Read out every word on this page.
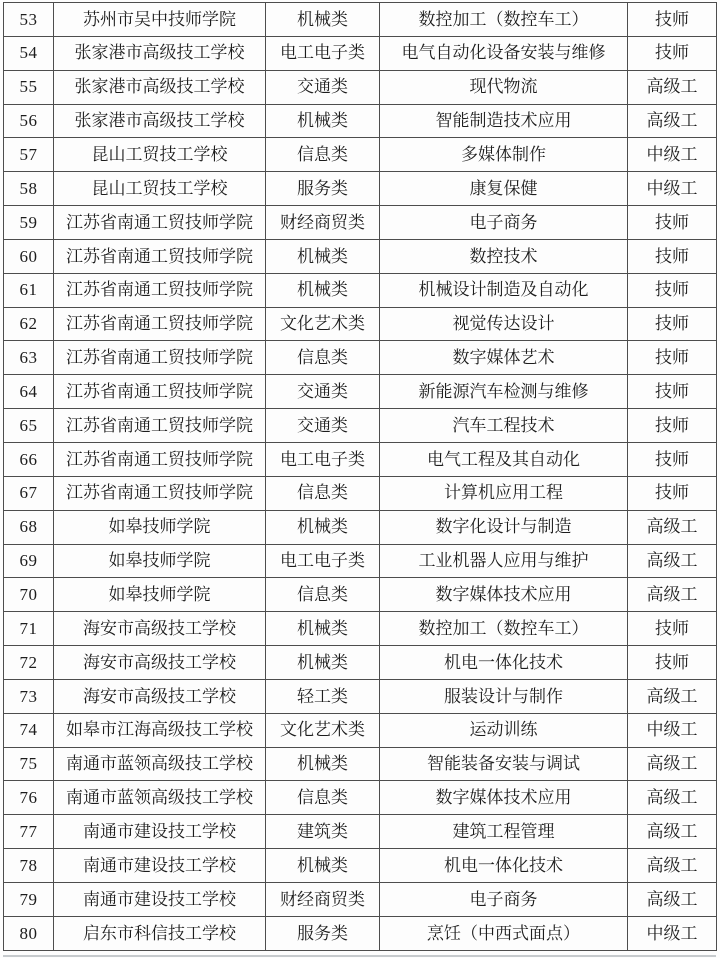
53	苏州市吴中技师学院	机械类	数控加工（数控车工）	技师
54	张家港市高级技工学校	电工电子类	电气自动化设备安装与维修	技师
55	张家港市高级技工学校	交通类	现代物流	高级工
56	张家港市高级技工学校	机械类	智能制造技术应用	高级工
57	昆山工贸技工学校	信息类	多媒体制作	中级工
58	昆山工贸技工学校	服务类	康复保健	中级工
59	江苏省南通工贸技师学院	财经商贸类	电子商务	技师
60	江苏省南通工贸技师学院	机械类	数控技术	技师
61	江苏省南通工贸技师学院	机械类	机械设计制造及自动化	技师
62	江苏省南通工贸技师学院	文化艺术类	视觉传达设计	技师
63	江苏省南通工贸技师学院	信息类	数字媒体艺术	技师
64	江苏省南通工贸技师学院	交通类	新能源汽车检测与维修	技师
65	江苏省南通工贸技师学院	交通类	汽车工程技术	技师
66	江苏省南通工贸技师学院	电工电子类	电气工程及其自动化	技师
67	江苏省南通工贸技师学院	信息类	计算机应用工程	技师
68	如皋技师学院	机械类	数字化设计与制造	高级工
69	如皋技师学院	电工电子类	工业机器人应用与维护	高级工
70	如皋技师学院	信息类	数字媒体技术应用	高级工
71	海安市高级技工学校	机械类	数控加工（数控车工）	技师
72	海安市高级技工学校	机械类	机电一体化技术	技师
73	海安市高级技工学校	轻工类	服装设计与制作	高级工
74	如皋市江海高级技工学校	文化艺术类	运动训练	中级工
75	南通市蓝领高级技工学校	机械类	智能装备安装与调试	高级工
76	南通市蓝领高级技工学校	信息类	数字媒体技术应用	高级工
77	南通市建设技工学校	建筑类	建筑工程管理	高级工
78	南通市建设技工学校	机械类	机电一体化技术	高级工
79	南通市建设技工学校	财经商贸类	电子商务	高级工
80	启东市科信技工学校	服务类	烹饪（中西式面点）	中级工
